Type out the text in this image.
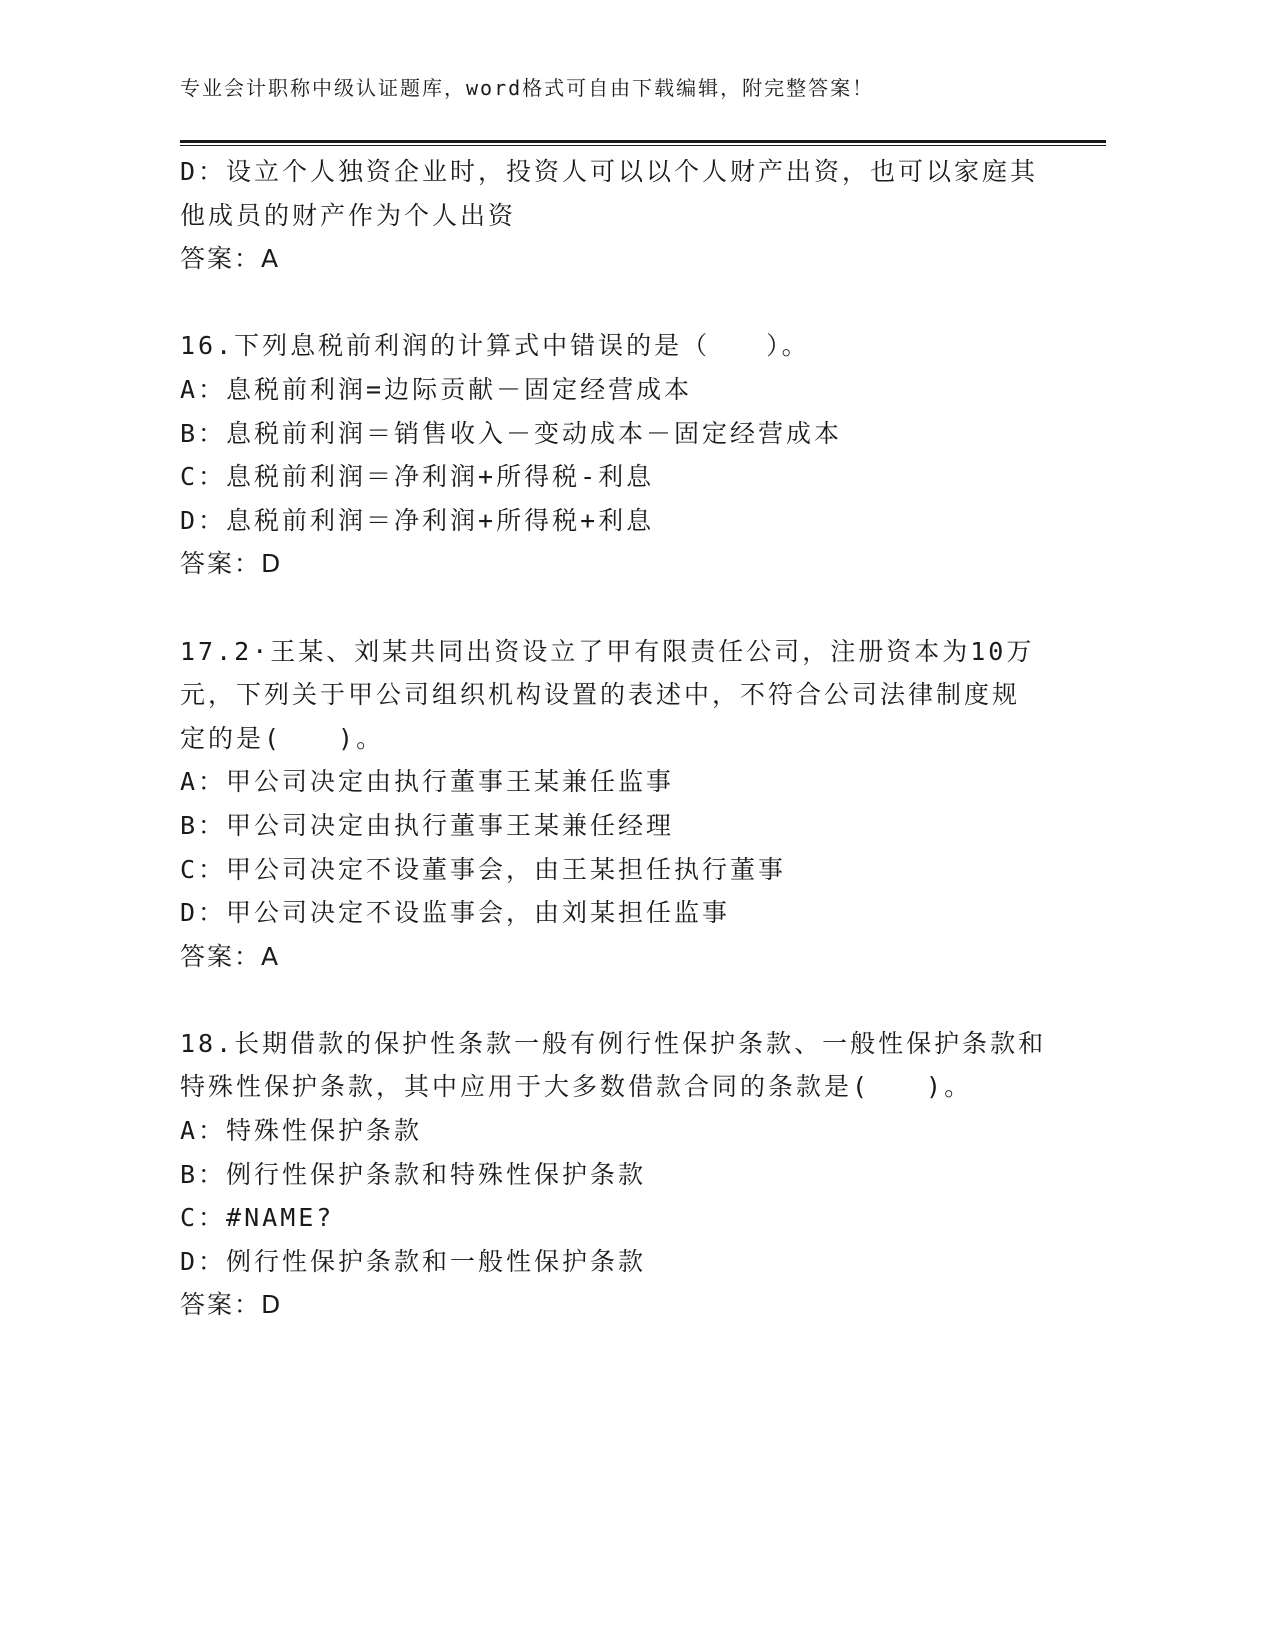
专业会计职称中级认证题库，word格式可自由下载编辑，附完整答案！
D：设立个人独资企业时，投资人可以以个人财产出资，也可以家庭其
他成员的财产作为个人出资
答案：A
16.下列息税前利润的计算式中错误的是（　　）。
A：息税前利润=边际贡献－固定经营成本
B：息税前利润＝销售收入－变动成本－固定经营成本
C：息税前利润＝净利润+所得税-利息
D：息税前利润＝净利润+所得税+利息
答案：D
17.2·王某、刘某共同出资设立了甲有限责任公司，注册资本为10万
元，下列关于甲公司组织机构设置的表述中，不符合公司法律制度规
定的是(　　)。
A：甲公司决定由执行董事王某兼任监事
B：甲公司决定由执行董事王某兼任经理
C：甲公司决定不设董事会，由王某担任执行董事
D：甲公司决定不设监事会，由刘某担任监事
答案：A
18.长期借款的保护性条款一般有例行性保护条款、一般性保护条款和
特殊性保护条款，其中应用于大多数借款合同的条款是(　　)。
A：特殊性保护条款
B：例行性保护条款和特殊性保护条款
C：#NAME?
D：例行性保护条款和一般性保护条款
答案：D
